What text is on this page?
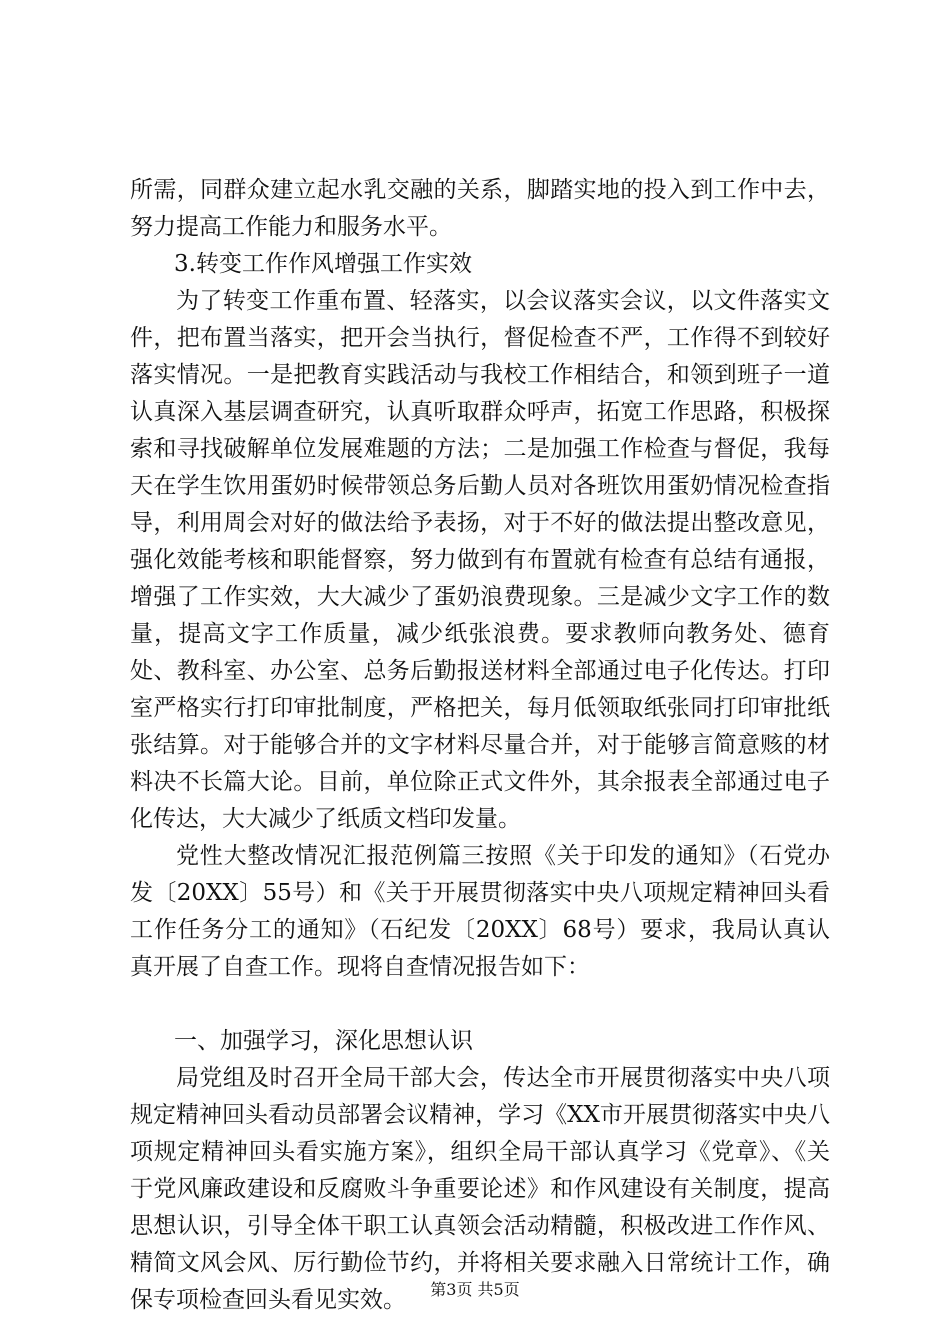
所需，同群众建立起水乳交融的关系，脚踏实地的投入到工作中去，努力提高工作能力和服务水平。

3.转变工作作风增强工作实效

为了转变工作重布置、轻落实，以会议落实会议，以文件落实文件，把布置当落实，把开会当执行，督促检查不严，工作得不到较好落实情况。一是把教育实践活动与我校工作相结合，和领到班子一道认真深入基层调查研究，认真听取群众呼声，拓宽工作思路，积极探索和寻找破解单位发展难题的方法；二是加强工作检查与督促，我每天在学生饮用蛋奶时候带领总务后勤人员对各班饮用蛋奶情况检查指导，利用周会对好的做法给予表扬，对于不好的做法提出整改意见，强化效能考核和职能督察，努力做到有布置就有检查有总结有通报，增强了工作实效，大大减少了蛋奶浪费现象。三是减少文字工作的数量，提高文字工作质量，减少纸张浪费。要求教师向教务处、德育处、教科室、办公室、总务后勤报送材料全部通过电子化传达。打印室严格实行打印审批制度，严格把关，每月低领取纸张同打印审批纸张结算。对于能够合并的文字材料尽量合并，对于能够言简意赅的材料决不长篇大论。目前，单位除正式文件外，其余报表全部通过电子化传达，大大减少了纸质文档印发量。

党性大整改情况汇报范例篇三按照《关于印发的通知》（石党办发〔20XX〕55号）和《关于开展贯彻落实中央八项规定精神回头看工作任务分工的通知》（石纪发〔20XX〕68号）要求，我局认真认真开展了自查工作。现将自查情况报告如下：

一、加强学习，深化思想认识

局党组及时召开全局干部大会，传达全市开展贯彻落实中央八项规定精神回头看动员部署会议精神，学习《XX市开展贯彻落实中央八项规定精神回头看实施方案》，组织全局干部认真学习《党章》、《关于党风廉政建设和反腐败斗争重要论述》和作风建设有关制度，提高思想认识，引导全体干职工认真领会活动精髓，积极改进工作作风、精简文风会风、厉行勤俭节约，并将相关要求融入日常统计工作，确保专项检查回头看见实效。	第3页 共5页
